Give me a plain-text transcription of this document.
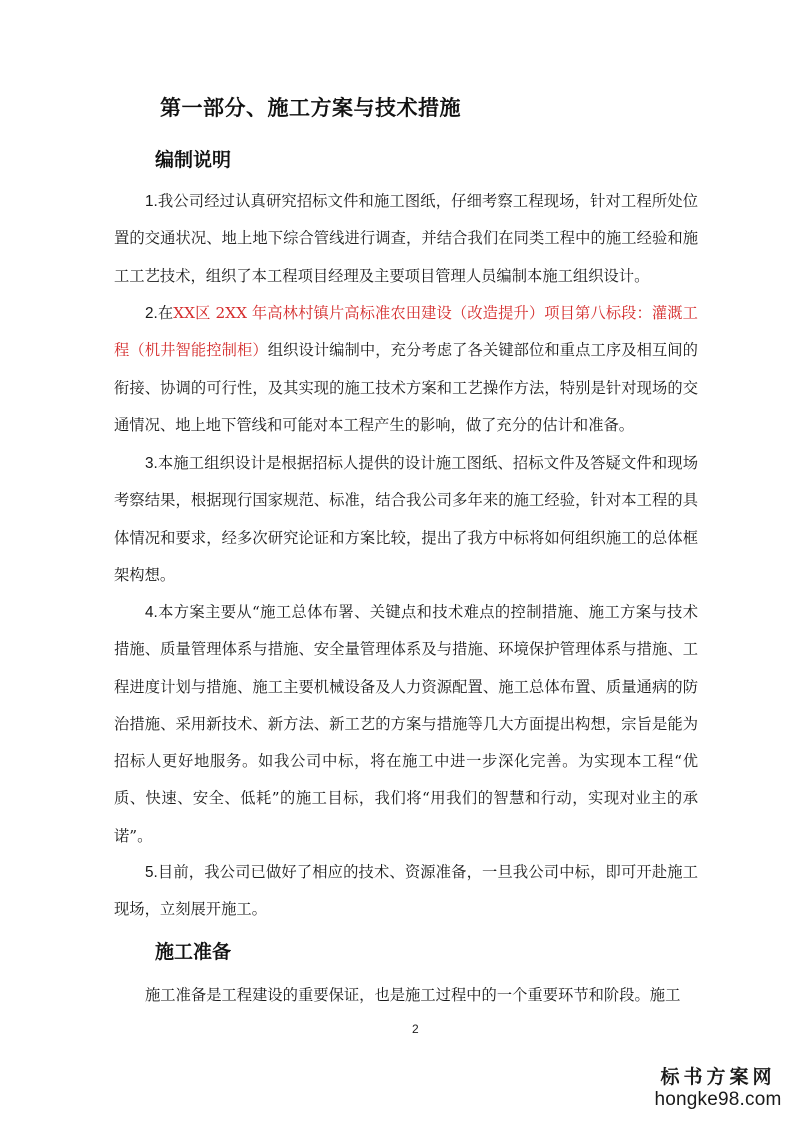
第一部分、施工方案与技术措施
编制说明
1.我公司经过认真研究招标文件和施工图纸，仔细考察工程现场，针对工程所处位置的交通状况、地上地下综合管线进行调查，并结合我们在同类工程中的施工经验和施工工艺技术，组织了本工程项目经理及主要项目管理人员编制本施工组织设计。
2.在XX区 2XX 年高林村镇片高标准农田建设（改造提升）项目第八标段：灌溉工程（机井智能控制柜）组织设计编制中，充分考虑了各关键部位和重点工序及相互间的衔接、协调的可行性，及其实现的施工技术方案和工艺操作方法，特别是针对现场的交通情况、地上地下管线和可能对本工程产生的影响，做了充分的估计和准备。
3.本施工组织设计是根据招标人提供的设计施工图纸、招标文件及答疑文件和现场考察结果，根据现行国家规范、标准，结合我公司多年来的施工经验，针对本工程的具体情况和要求，经多次研究论证和方案比较，提出了我方中标将如何组织施工的总体框架构想。
4.本方案主要从“施工总体布署、关键点和技术难点的控制措施、施工方案与技术措施、质量管理体系与措施、安全量管理体系及与措施、环境保护管理体系与措施、工程进度计划与措施、施工主要机械设备及人力资源配置、施工总体布置、质量通病的防治措施、采用新技术、新方法、新工艺的方案与措施等几大方面提出构想，宗旨是能为招标人更好地服务。如我公司中标，将在施工中进一步深化完善。为实现本工程“优质、快速、安全、低耗”的施工目标，我们将“用我们的智慧和行动，实现对业主的承诺”。
5.目前，我公司已做好了相应的技术、资源准备，一旦我公司中标，即可开赴施工现场，立刻展开施工。
施工准备
施工准备是工程建设的重要保证，也是施工过程中的一个重要环节和阶段。施工
2
标书方案网
hongke98.com
